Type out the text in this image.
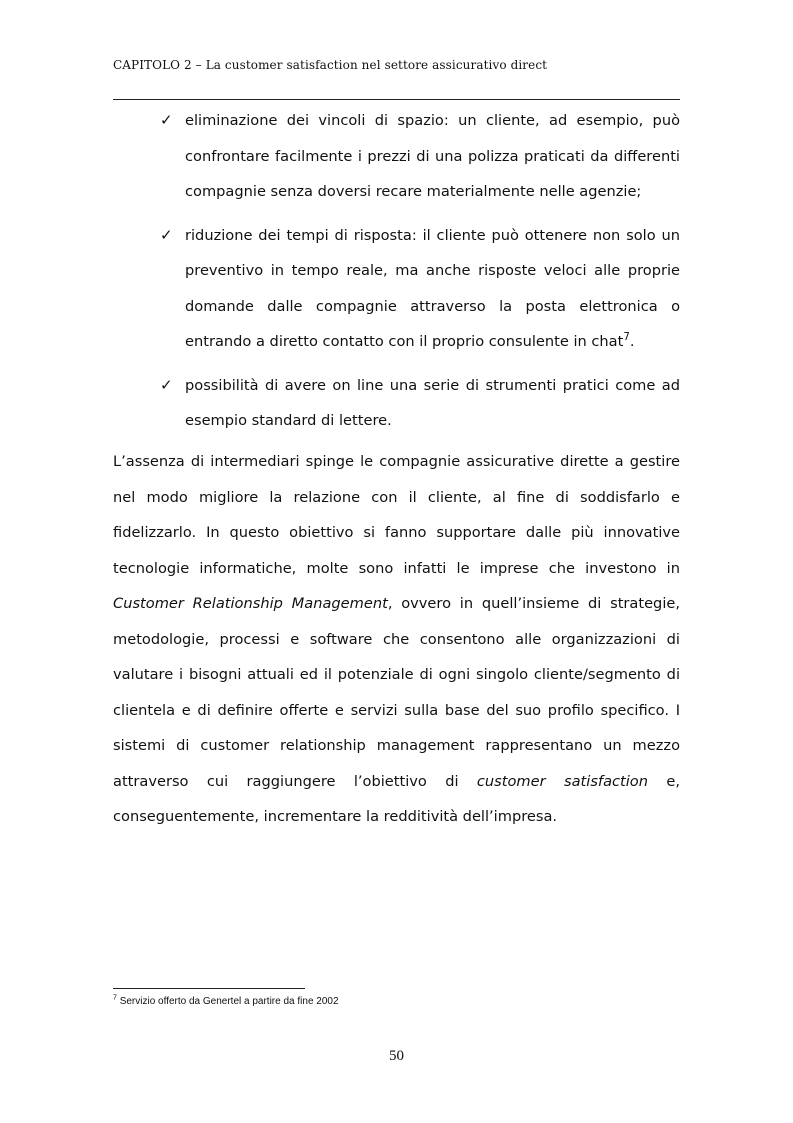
CAPITOLO 2 – La customer satisfaction nel settore assicurativo direct
✓ eliminazione dei vincoli di spazio: un cliente, ad esempio, può confrontare facilmente i prezzi di una polizza praticati da differenti compagnie senza doversi recare materialmente nelle agenzie;
✓ riduzione dei tempi di risposta: il cliente può ottenere non solo un preventivo in tempo reale, ma anche risposte veloci alle proprie domande dalle compagnie attraverso la posta elettronica o entrando a diretto contatto con il proprio consulente in chat$^7$.
✓ possibilità di avere on line una serie di strumenti pratici come ad esempio standard di lettere.

L’assenza di intermediari spinge le compagnie assicurative dirette a gestire nel modo migliore la relazione con il cliente, al fine di soddisfarlo e fidelizzarlo. In questo obiettivo si fanno supportare dalle più innovative tecnologie informatiche, molte sono infatti le imprese che investono in Customer Relationship Management, ovvero in quell’insieme di strategie, metodologie, processi e software che consentono alle organizzazioni di valutare i bisogni attuali ed il potenziale di ogni singolo cliente/segmento di clientela e di definire offerte e servizi sulla base del suo profilo specifico. I sistemi di customer relationship management rappresentano un mezzo attraverso cui raggiungere l’obiettivo di customer satisfaction e, conseguentemente, incrementare la redditività dell’impresa.

$^7$ Servizio offerto da Genertel a partire da fine 2002
50
